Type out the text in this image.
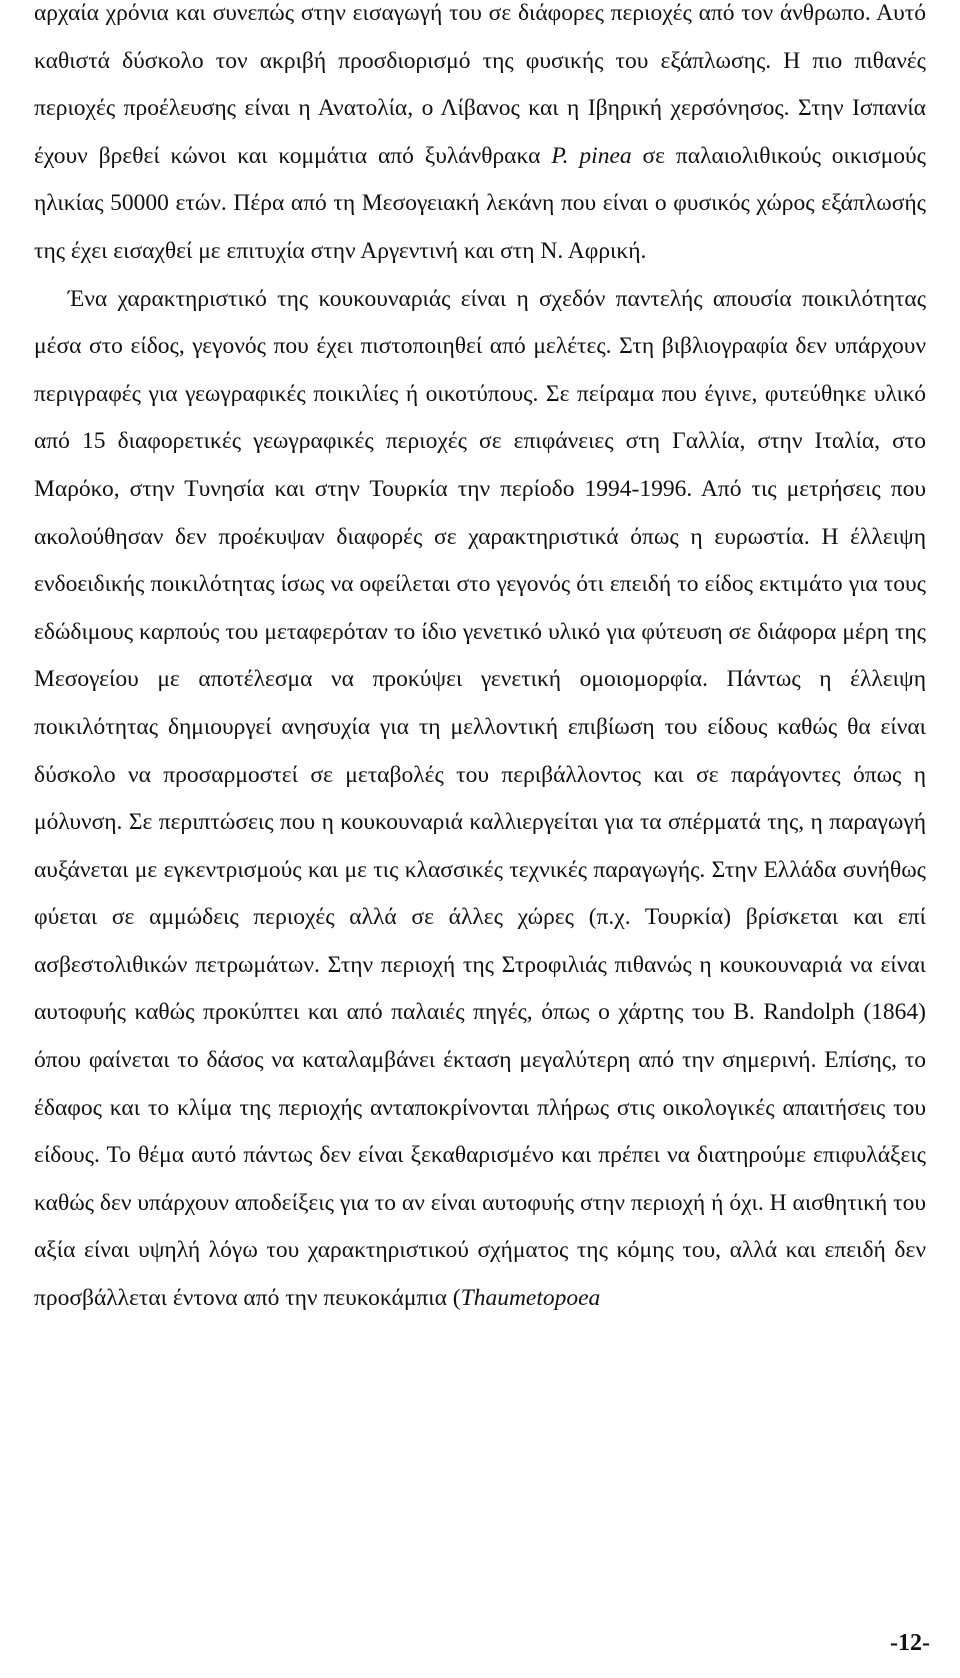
αρχαία χρόνια και συνεπώς στην εισαγωγή του σε διάφορες περιοχές από τον άνθρωπο. Αυτό καθιστά δύσκολο τον ακριβή προσδιορισμό της φυσικής του εξάπλωσης. Η πιο πιθανές περιοχές προέλευσης είναι η Ανατολία, ο Λίβανος και η Ιβηρική χερσόνησος. Στην Ισπανία έχουν βρεθεί κώνοι και κομμάτια από ξυλάνθρακα P. pinea σε παλαιολιθικούς οικισμούς ηλικίας 50000 ετών. Πέρα από τη Μεσογειακή λεκάνη που είναι ο φυσικός χώρος εξάπλωσής της έχει εισαχθεί με επιτυχία στην Αργεντινή και στη Ν. Αφρική.

Ένα χαρακτηριστικό της κουκουναριάς είναι η σχεδόν παντελής απουσία ποικιλότητας μέσα στο είδος, γεγονός που έχει πιστοποιηθεί από μελέτες. Στη βιβλιογραφία δεν υπάρχουν περιγραφές για γεωγραφικές ποικιλίες ή οικοτύπους. Σε πείραμα που έγινε, φυτεύθηκε υλικό από 15 διαφορετικές γεωγραφικές περιοχές σε επιφάνειες στη Γαλλία, στην Ιταλία, στο Μαρόκο, στην Τυνησία και στην Τουρκία την περίοδο 1994-1996. Από τις μετρήσεις που ακολούθησαν δεν προέκυψαν διαφορές σε χαρακτηριστικά όπως η ευρωστία. Η έλλειψη ενδοειδικής ποικιλότητας ίσως να οφείλεται στο γεγονός ότι επειδή το είδος εκτιμάτο για τους εδώδιμους καρπούς του μεταφερόταν το ίδιο γενετικό υλικό για φύτευση σε διάφορα μέρη της Μεσογείου με αποτέλεσμα να προκύψει γενετική ομοιομορφία. Πάντως η έλλειψη ποικιλότητας δημιουργεί ανησυχία για τη μελλοντική επιβίωση του είδους καθώς θα είναι δύσκολο να προσαρμοστεί σε μεταβολές του περιβάλλοντος και σε παράγοντες όπως η μόλυνση. Σε περιπτώσεις που η κουκουναριά καλλιεργείται για τα σπέρματά της, η παραγωγή αυξάνεται με εγκεντρισμούς και με τις κλασσικές τεχνικές παραγωγής. Στην Ελλάδα συνήθως φύεται σε αμμώδεις περιοχές αλλά σε άλλες χώρες (π.χ. Τουρκία) βρίσκεται και επί ασβεστολιθικών πετρωμάτων. Στην περιοχή της Στροφιλιάς πιθανώς η κουκουναριά να είναι αυτοφυής καθώς προκύπτει και από παλαιές πηγές, όπως ο χάρτης του B. Randolph (1864) όπου φαίνεται το δάσος να καταλαμβάνει έκταση μεγαλύτερη από την σημερινή. Επίσης, το έδαφος και το κλίμα της περιοχής ανταποκρίνονται πλήρως στις οικολογικές απαιτήσεις του είδους. Το θέμα αυτό πάντως δεν είναι ξεκαθαρισμένο και πρέπει να διατηρούμε επιφυλάξεις καθώς δεν υπάρχουν αποδείξεις για το αν είναι αυτοφυής στην περιοχή ή όχι. Η αισθητική του αξία είναι υψηλή λόγω του χαρακτηριστικού σχήματος της κόμης του, αλλά και επειδή δεν προσβάλλεται έντονα από την πευκοκάμπια (Thaumetopoea

-12-
